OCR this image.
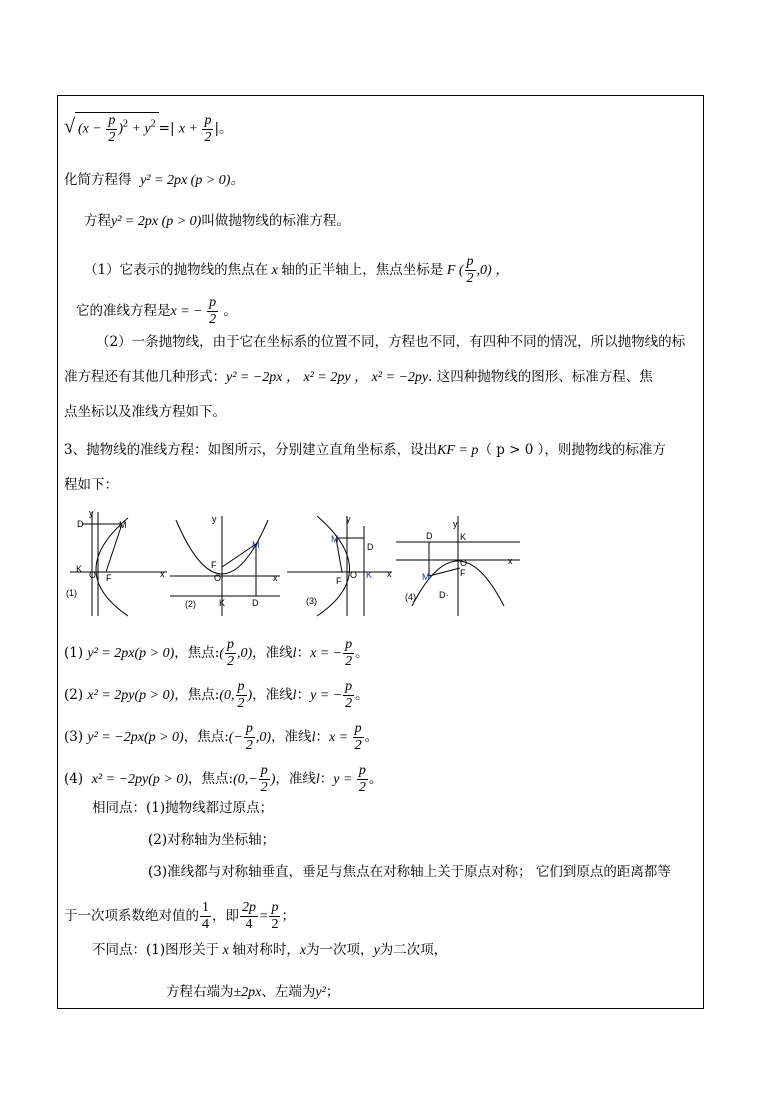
√ $(x - \frac{p}{2} )^2 + y^2$ =| $x + \frac{p}{2}$ |。
化简方程得 y² = 2px (p > 0)。
方程y² = 2px (p > 0)叫做抛物线的标准方程。
（1）它表示的抛物线的焦点在 x 轴的正半轴上，焦点坐标是 F ( $\frac{p}{2} ,0$) ，
它的准线方程是x = − $\frac{p}{2}$ 。
（2）一条抛物线，由于它在坐标系的位置不同，方程也不同，有四种不同的情况，所以抛物线的标
准方程还有其他几种形式：y² = −2px ， x² = 2py ， x² = −2py. 这四种抛物线的图形、标准方程、焦
点坐标以及准线方程如下。
3、抛物线的准线方程：如图所示，分别建立直角坐标系，设出KF = p（ p > 0 ），则抛物线的标准方
程如下：
D
y
M
K
O F	x
(1)
y
F
M
O	x
K	D
(2)
y
M
D
F
O K x
(3)
D	K
y
M
O
F
x
D·
(4)
(1) y² = 2px(p > 0)，焦点:( $\frac{p}{2} ,0$)，准线l：x = − $\frac{p}{2}$ 。
(2) x² = 2py(p > 0)，焦点:(0, $\frac{p}{2}$ )，准线l：y = − $\frac{p}{2}$ 。
(3) y² = −2px(p > 0)，焦点:(− $\frac{p}{2} ,0$)，准线l：$x = \frac{p}{2}$ 。
(4) x² = −2py(p > 0)，焦点:(0,− $\frac{p}{2}$ )，准线l：$y = \frac{p}{2}$ 。
相同点：(1)抛物线都过原点；
(2)对称轴为坐标轴；
(3)准线都与对称轴垂直，垂足与焦点在对称轴上关于原点对称； 它们到原点的距离都等
于一次项系数绝对值的 $\frac{1}{4}$ ，即 $\frac{2p}{4} = \frac{p}{2}$ ；
不同点：(1)图形关于 x 轴对称时，x为一次项，y为二次项，
方程右端为±2px、左端为y²；
